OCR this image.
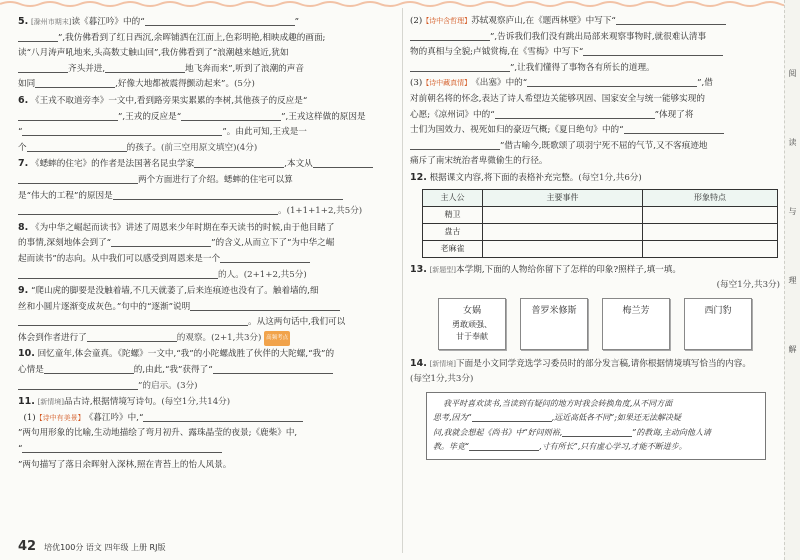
5. [滁州市期末]读《暮江吟》中的“	”
”,我仿佛看到了红日西沉,余晖铺洒在江面上,色彩明艳,相映成趣的画面;
读“八月涛声吼地来,头高数丈触山回”,我仿佛看到了“浪潮越来越近,犹如
齐头并进,	地飞奔而来”,听到了浪潮的声音
如同	,好像大地都被震得颤动起来”。(5分)
6. 《王戎不取道旁李》一文中,看到路旁果实累累的李树,其他孩子的反应是“
”,王戎的反应是“	”,王戎这样做的原因是
“	”。由此可知,王戎是一
个	的孩子。(前三空用原文填空)(4分)
7. 《蟋蟀的住宅》的作者是法国著名昆虫学家	,本文从
两个方面进行了介绍。蟋蟀的住宅可以算
是“伟大的工程”的原因是
。(1+1+1+2,共5分)
8. 《为中华之崛起而读书》讲述了周恩来少年时期在奉天读书的时候,由于他目睹了
的事情,深刻地体会到了“	”的含义,从而立下了“为中华之崛
起而读书”的志向。从中我们可以感受到周恩来是一个
的人。(2+1+2,共5分)
9. “爬山虎的脚要是没触着墙,不几天就萎了,后来连痕迹也没有了。触着墙的,细
丝和小圆片逐渐变成灰色。”句中的“逐渐”说明
。从这两句话中,我们可以
体会到作者进行了	的观察。(2+1,共3分) 高频考点
10. 回忆童年,体会童真。《陀螺》一文中,“我”的小陀螺战胜了伙伴的大陀螺,“我”的
心情是	的,由此,“我”获得了“
”的启示。(3分)
11. [新情境]品古诗,根据情境写诗句。(每空1分,共14分)
(1)【诗中有美景】《暮江吟》中,“
”两句用形象的比喻,生动地描绘了弯月初升、露珠晶莹的夜景;《鹿柴》中,
“
”两句描写了落日余晖射入深林,照在青苔上的怡人风景。
(2)【诗中含哲理】苏轼观察庐山,在《题西林壁》中写下“
”,告诉我们我们没有跳出局部来观察事物时,就很难认清事
物的真相与全貌;卢钺赏梅,在《雪梅》中写下“
”,让我们懂得了事物各有所长的道理。
(3)【诗中藏真情】《出塞》中的“	”,借
对前朝名将的怀念,表达了诗人希望边关能够巩固、国家安全与统一能够实现的
心愿;《凉州词》中的“	”体现了将
士们为国效力、视死如归的豪迈气概;《夏日绝句》中的“
”借古喻今,既歌颂了项羽宁死不屈的气节,又不客痕迹地
痛斥了南宋统治者卑微偷生的行径。
12. 根据课文内容,将下面的表格补充完整。(每空1分,共6分)
主人公	主要事件	形象特点
精卫		
盘古		
老麻雀		
13. [新题型]本学期,下面的人物给你留下了怎样的印象?照样子,填一填。
(每空1分,共3分)
女娲
勇敢顽强、
甘于奉献
普罗米修斯	梅兰芳	西门豹
14. [新情境]下面是小文同学竞选学习委员时的部分发言稿,请你根据情境填写恰当的内容。
(每空1分,共3分)
我平时喜欢读书,当读到有疑问的地方时我会转换角度,从不同方面
思考,因为“	,远近高低各不同”;如果还无法解决疑
问,我就会想起《尚书》中“好问则裕,	”的教诲,主动向他人请
教。毕竟“	,寸有所长”,只有虚心学习,才能不断进步。
阅
读
与
理
解
42 培优100分 语文 四年级 上册 RJ版
